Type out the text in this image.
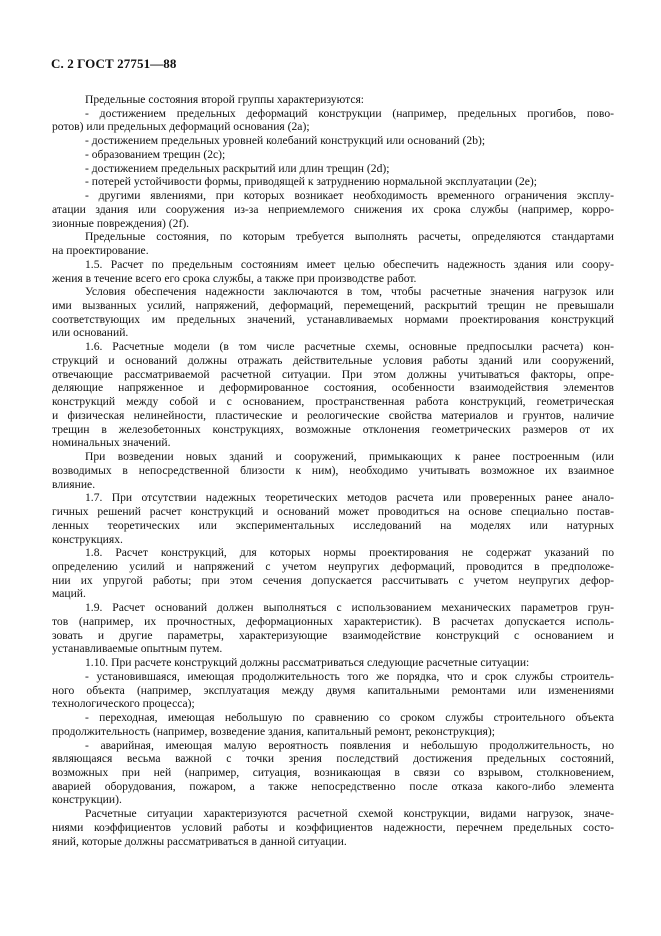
С. 2 ГОСТ 27751—88
Предельные состояния второй группы характеризуются:
- достижением предельных деформаций конструкции (например, предельных прогибов, пово-
ротов) или предельных деформаций основания (2а);
- достижением предельных уровней колебаний конструкций или оснований (2b);
- образованием трещин (2с);
- достижением предельных раскрытий или длин трещин (2d);
- потерей устойчивости формы, приводящей к затруднению нормальной эксплуатации (2е);
- другими явлениями, при которых возникает необходимость временного ограничения эксплу-
атации здания или сооружения из-за неприемлемого снижения их срока службы (например, корро-
зионные повреждения) (2f).
Предельные состояния, по которым требуется выполнять расчеты, определяются стандартами
на проектирование.
1.5. Расчет по предельным состояниям имеет целью обеспечить надежность здания или соору-
жения в течение всего его срока службы, а также при производстве работ.
Условия обеспечения надежности заключаются в том, чтобы расчетные значения нагрузок или
ими вызванных усилий, напряжений, деформаций, перемещений, раскрытий трещин не превышали
соответствующих им предельных значений, устанавливаемых нормами проектирования конструкций
или оснований.
1.6. Расчетные модели (в том числе расчетные схемы, основные предпосылки расчета) кон-
струкций и оснований должны отражать действительные условия работы зданий или сооружений,
отвечающие рассматриваемой расчетной ситуации. При этом должны учитываться факторы, опре-
деляющие напряженное и деформированное состояния, особенности взаимодействия элементов
конструкций между собой и с основанием, пространственная работа конструкций, геометрическая
и физическая нелинейности, пластические и реологические свойства материалов и грунтов, наличие
трещин в железобетонных конструкциях, возможные отклонения геометрических размеров от их
номинальных значений.
При возведении новых зданий и сооружений, примыкающих к ранее построенным (или
возводимых в непосредственной близости к ним), необходимо учитывать возможное их взаимное
влияние.
1.7. При отсутствии надежных теоретических методов расчета или проверенных ранее анало-
гичных решений расчет конструкций и оснований может проводиться на основе специально постав-
ленных теоретических или экспериментальных исследований на моделях или натурных
конструкциях.
1.8. Расчет конструкций, для которых нормы проектирования не содержат указаний по
определению усилий и напряжений с учетом неупругих деформаций, проводится в предположе-
нии их упругой работы; при этом сечения допускается рассчитывать с учетом неупругих дефор-
маций.
1.9. Расчет оснований должен выполняться с использованием механических параметров грун-
тов (например, их прочностных, деформационных характеристик). В расчетах допускается исполь-
зовать и другие параметры, характеризующие взаимодействие конструкций с основанием и
устанавливаемые опытным путем.
1.10. При расчете конструкций должны рассматриваться следующие расчетные ситуации:
- установившаяся, имеющая продолжительность того же порядка, что и срок службы строитель-
ного объекта (например, эксплуатация между двумя капитальными ремонтами или изменениями
технологического процесса);
- переходная, имеющая небольшую по сравнению со сроком службы строительного объекта
продолжительность (например, возведение здания, капитальный ремонт, реконструкция);
- аварийная, имеющая малую вероятность появления и небольшую продолжительность, но
являющаяся весьма важной с точки зрения последствий достижения предельных состояний,
возможных при ней (например, ситуация, возникающая в связи со взрывом, столкновением,
аварией оборудования, пожаром, а также непосредственно после отказа какого-либо элемента
конструкции).
Расчетные ситуации характеризуются расчетной схемой конструкции, видами нагрузок, значе-
ниями коэффициентов условий работы и коэффициентов надежности, перечнем предельных состо-
яний, которые должны рассматриваться в данной ситуации.
